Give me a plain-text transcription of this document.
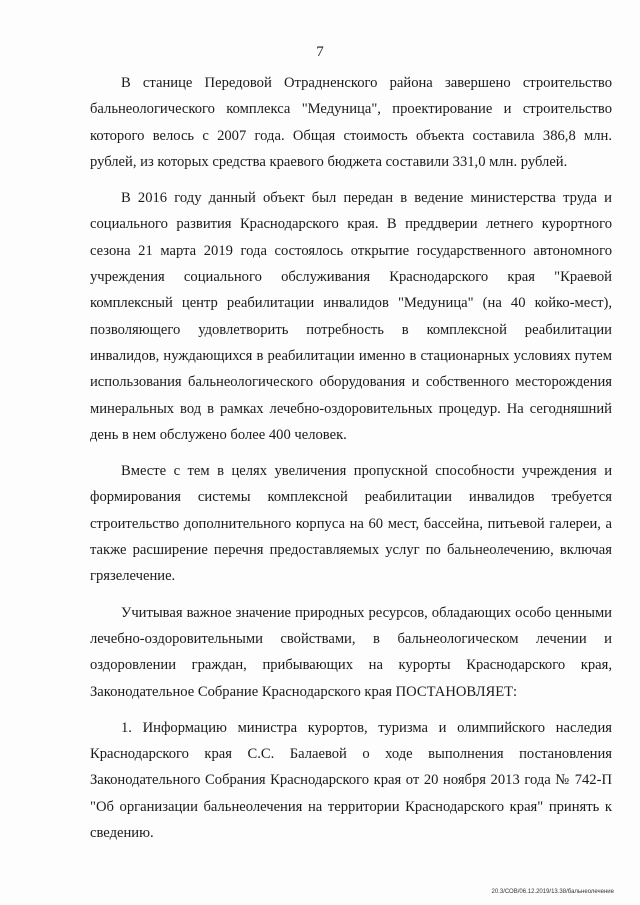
7

В станице Передовой Отрадненского района завершено строительство бальнеологического комплекса "Медуница", проектирование и строительство которого велось с 2007 года. Общая стоимость объекта составила 386,8 млн. рублей, из которых средства краевого бюджета составили 331,0 млн. рублей.

В 2016 году данный объект был передан в ведение министерства труда и социального развития Краснодарского края. В преддверии летнего курортного сезона 21 марта 2019 года состоялось открытие государственного автономного учреждения социального обслуживания Краснодарского края "Краевой комплексный центр реабилитации инвалидов "Медуница" (на 40 койко-мест), позволяющего удовлетворить потребность в комплексной реабилитации инвалидов, нуждающихся в реабилитации именно в стационарных условиях путем использования бальнеологического оборудования и собственного месторождения минеральных вод в рамках лечебно-оздоровительных процедур. На сегодняшний день в нем обслужено более 400 человек.

Вместе с тем в целях увеличения пропускной способности учреждения и формирования системы комплексной реабилитации инвалидов требуется строительство дополнительного корпуса на 60 мест, бассейна, питьевой галереи, а также расширение перечня предоставляемых услуг по бальнеолечению, включая грязелечение.

Учитывая важное значение природных ресурсов, обладающих особо ценными лечебно-оздоровительными свойствами, в бальнеологическом лечении и оздоровлении граждан, прибывающих на курорты Краснодарского края, Законодательное Собрание Краснодарского края ПОСТАНОВЛЯЕТ:

1. Информацию министра курортов, туризма и олимпийского наследия Краснодарского края С.С. Балаевой о ходе выполнения постановления Законодательного Собрания Краснодарского края от 20 ноября 2013 года № 742-П "Об организации бальнеолечения на территории Краснодарского края" принять к сведению.

20.3/СОВ/06.12.2019/13.38/бальнеолечение
